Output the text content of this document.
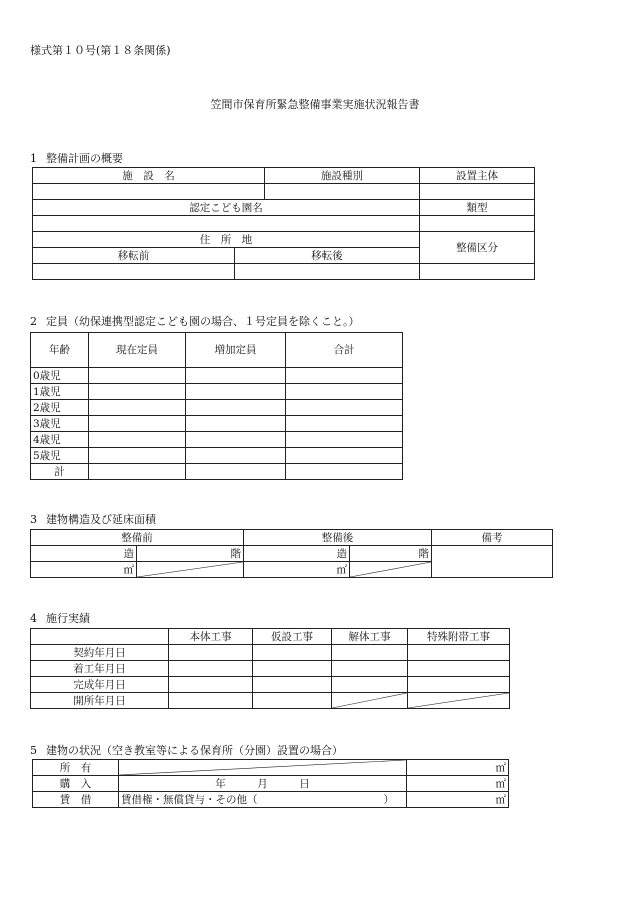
様式第１０号(第１８条関係)
笠間市保育所緊急整備事業実施状況報告書
1 整備計画の概要
施　設　名		施設種別	設置主体

認定こども園名			類型

住　所　地			整備区分
移転前	移転後		

2 定員（幼保連携型認定こども園の場合、１号定員を除くこと。）
年齢	現在定員	増加定員	合計
0歳児			
1歳児			
2歳児			
3歳児			
4歳児			
5歳児			
計			
3 建物構造及び延床面積
整備前		整備後		備考
造	階	造	階	
㎡		㎡	
4 施行実績
	本体工事	仮設工事	解体工事	特殊附帯工事
契約年月日				
着工年月日				
完成年月日				
開所年月日			

5 建物の状況（空き教室等による保育所（分園）設置の場合）
所　有		㎡
購　入	年　　　月　　　日	㎡
賃　借	賃借権・無償貸与・その他（　　　　　　　　　　　　）	㎡
